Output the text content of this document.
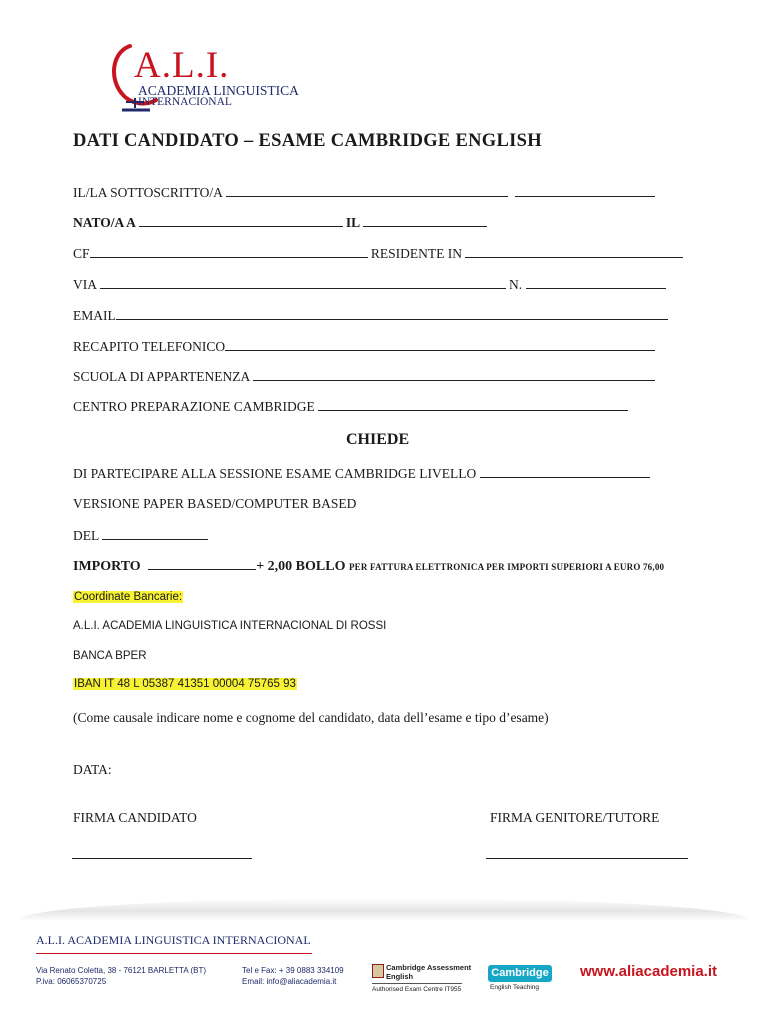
A.L.I.
ACADEMIA LINGUISTICA
INTERNACIONAL
DATI CANDIDATO – ESAME CAMBRIDGE ENGLISH
IL/LA SOTTOSCRITTO/A
NATO/A A	IL
CF	RESIDENTE IN
VIA	N.
EMAIL
RECAPITO TELEFONICO
SCUOLA DI APPARTENENZA
CENTRO PREPARAZIONE CAMBRIDGE
CHIEDE
DI PARTECIPARE ALLA SESSIONE ESAME CAMBRIDGE LIVELLO
VERSIONE PAPER BASED/COMPUTER BASED
DEL
IMPORTO	+ 2,00 BOLLO PER FATTURA ELETTRONICA PER IMPORTI SUPERIORI A EURO 76,00
Coordinate Bancarie:
A.L.I. ACADEMIA LINGUISTICA INTERNACIONAL DI ROSSI
BANCA BPER
IBAN IT 48 L 05387 41351 00004 75765 93
(Come causale indicare nome e cognome del candidato, data dell’esame e tipo d’esame)
DATA:
FIRMA CANDIDATO	FIRMA GENITORE/TUTORE
A.L.I. ACADEMIA LINGUISTICA INTERNACIONAL
Via Renato Coletta, 38 - 76121 BARLETTA (BT)
P.iva: 06065370725
Tel e Fax: + 39 0883 334109
Email: info@aliacademia.it
Cambridge Assessment
English
Authorised Exam Centre IT955
Cambridge
English Teaching
www.aliacademia.it
